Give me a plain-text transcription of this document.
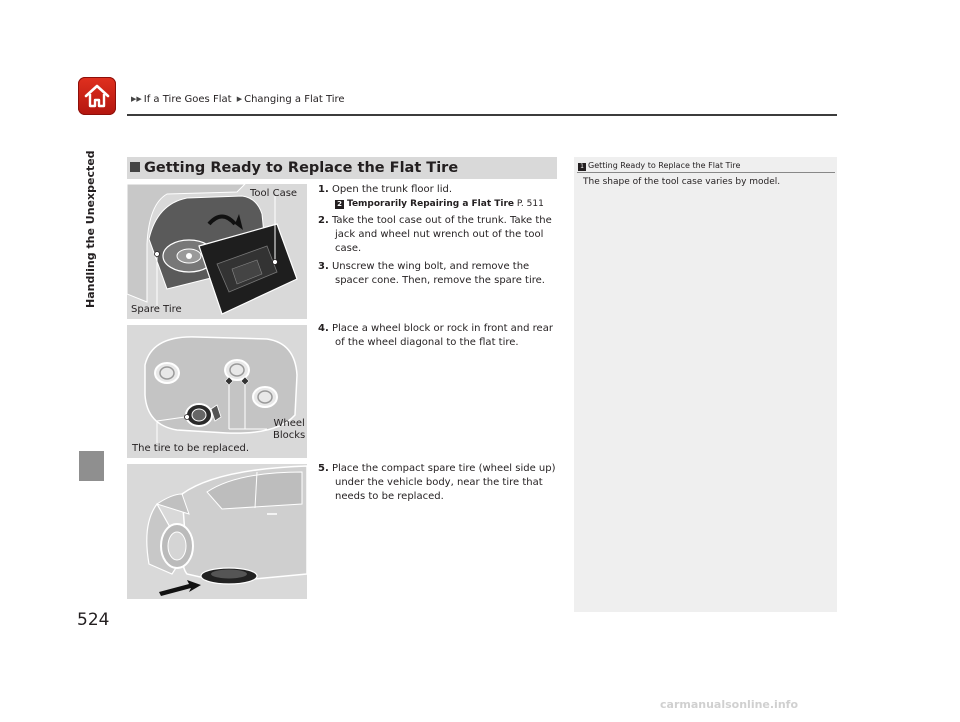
▶▶ If a Tire Goes Flat ▶ Changing a Flat Tire
Handling the Unexpected
524
Getting Ready to Replace the Flat Tire
Tool Case
Spare Tire
Wheel
Blocks
The tire to be replaced.
1. Open the trunk floor lid.
2 Temporarily Repairing a Flat Tire P. 511
2. Take the tool case out of the trunk. Take the jack and wheel nut wrench out of the tool case.
3. Unscrew the wing bolt, and remove the spacer cone. Then, remove the spare tire.
4. Place a wheel block or rock in front and rear of the wheel diagonal to the flat tire.
5. Place the compact spare tire (wheel side up) under the vehicle body, near the tire that needs to be replaced.
1 Getting Ready to Replace the Flat Tire
The shape of the tool case varies by model.
carmanualsonline.info
